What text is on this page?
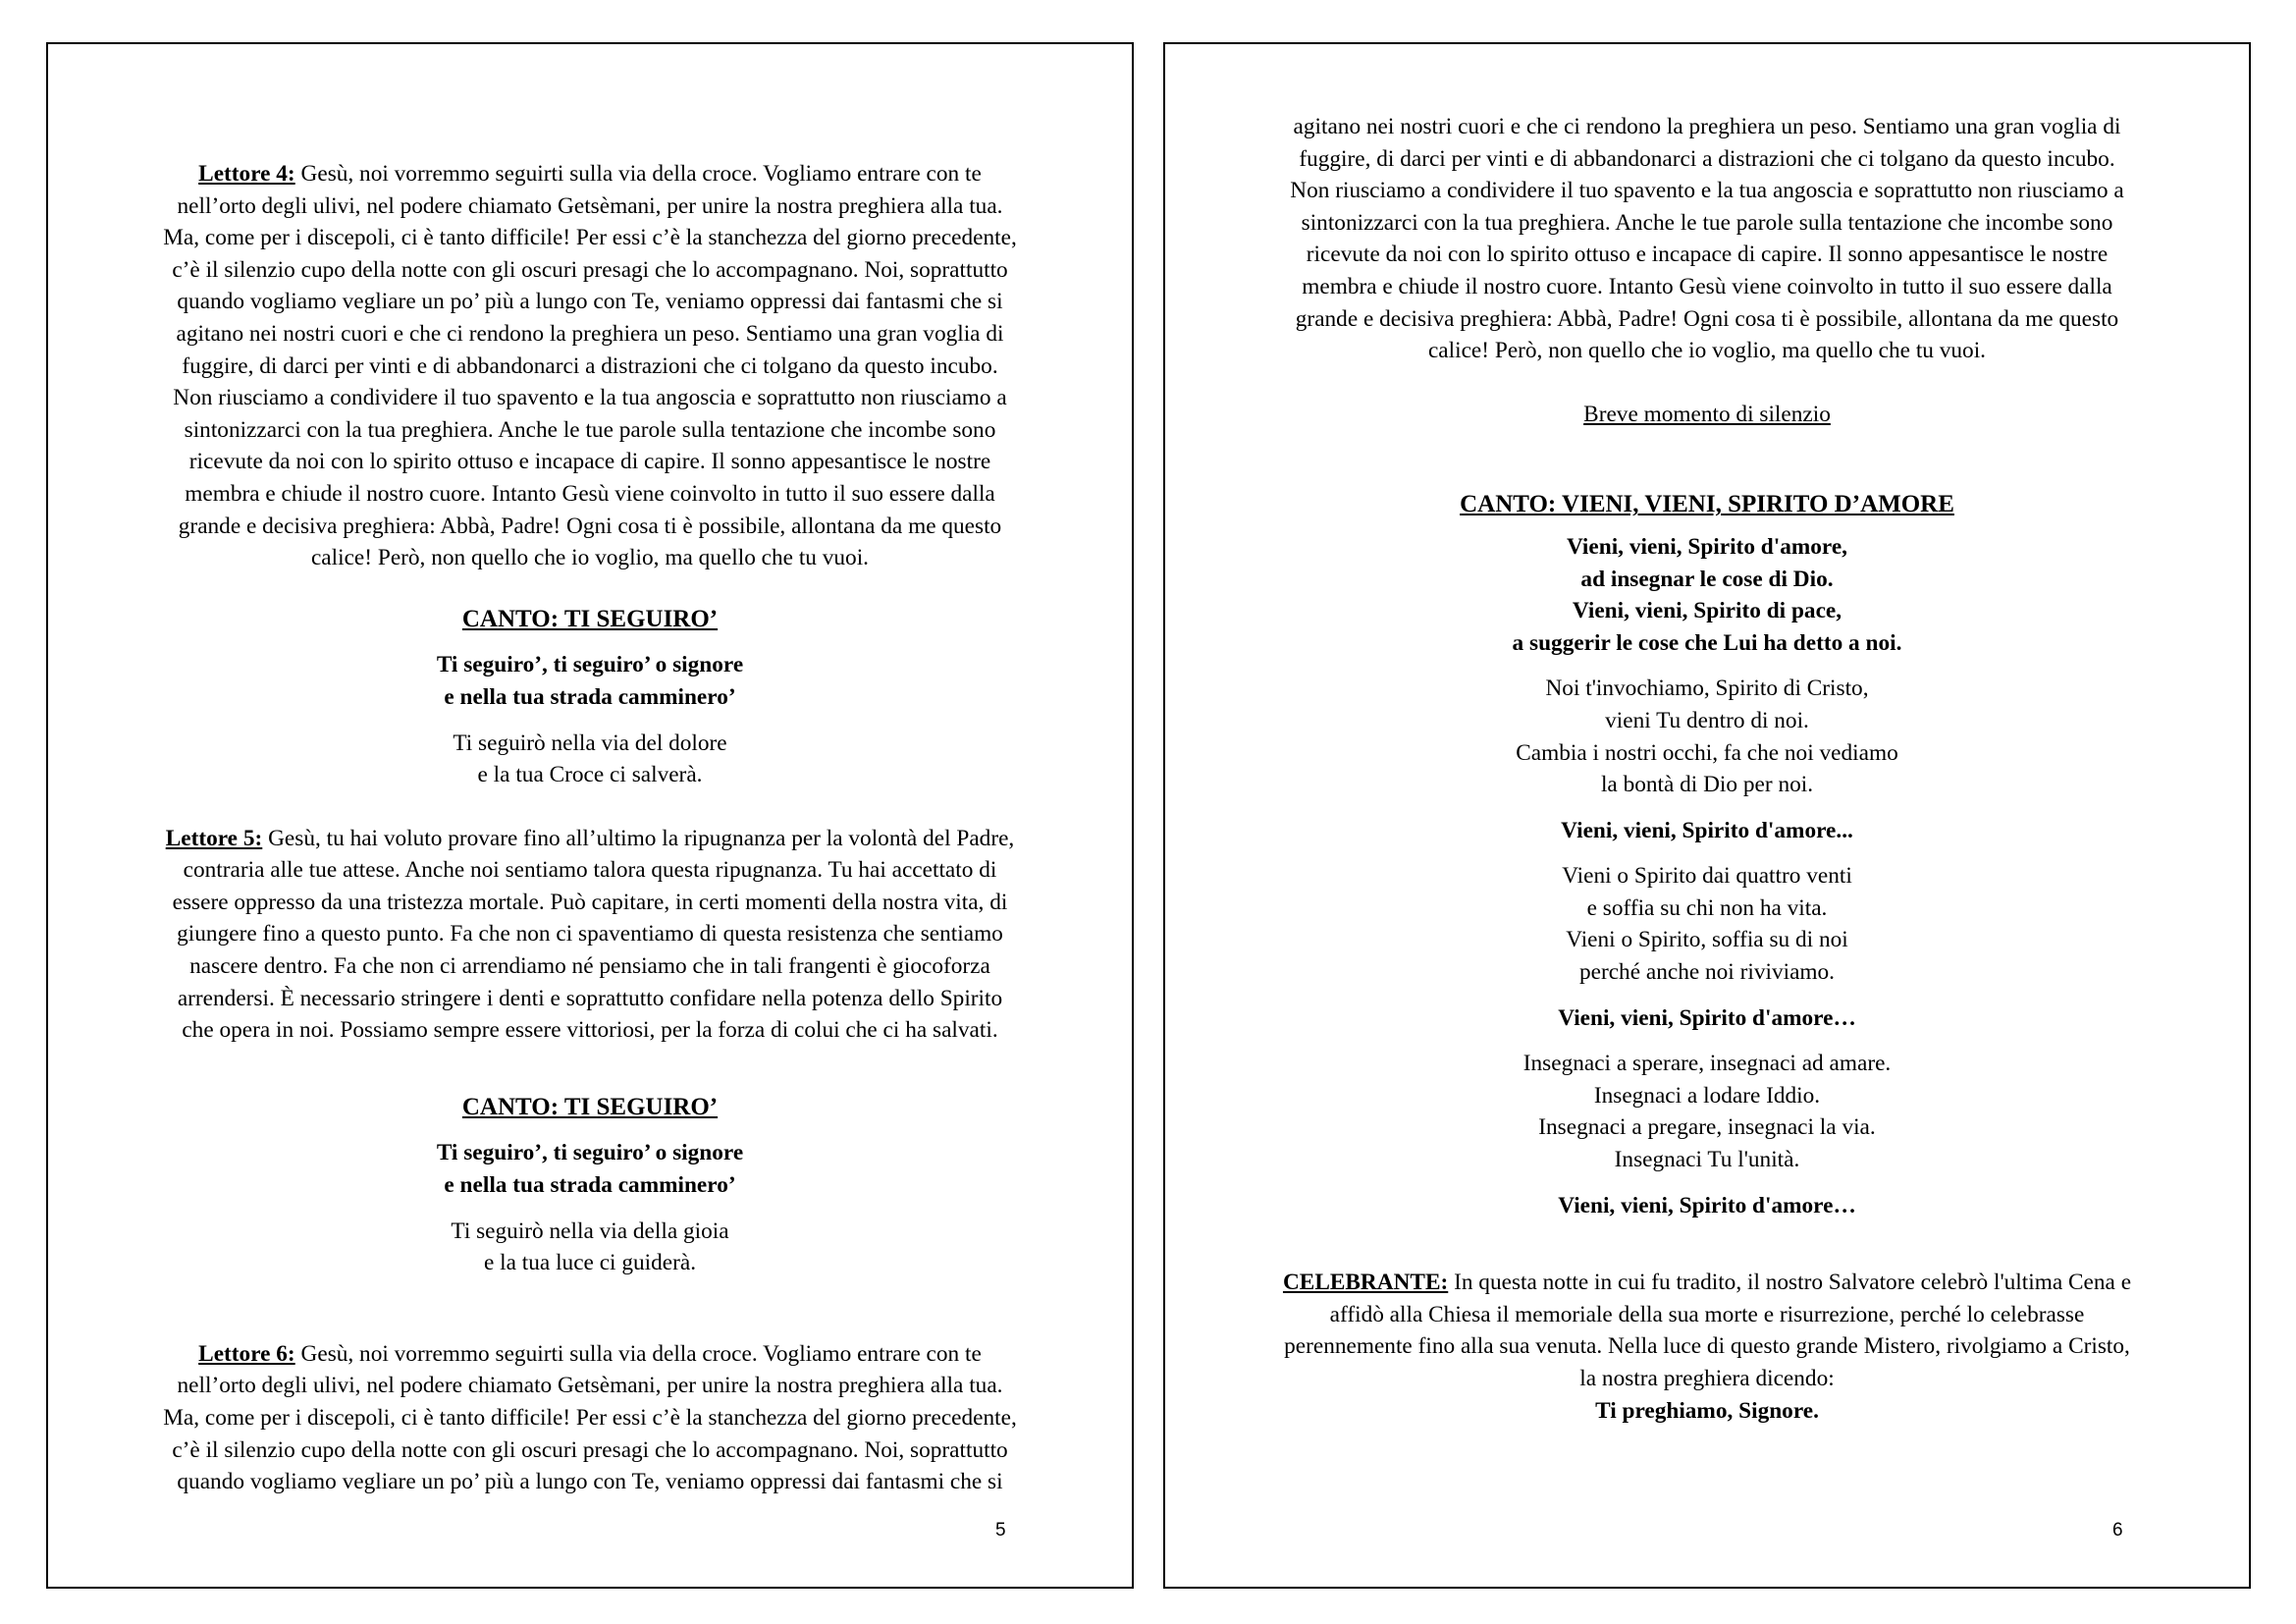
Lettore 4: Gesù, noi vorremmo seguirti sulla via della croce. Vogliamo entrare con te

nell’orto degli ulivi, nel podere chiamato Getsèmani, per unire la nostra preghiera alla tua.

Ma, come per i discepoli, ci è tanto difficile! Per essi c’è la stanchezza del giorno precedente,

c’è il silenzio cupo della notte con gli oscuri presagi che lo accompagnano. Noi, soprattutto

quando vogliamo vegliare un po’ più a lungo con Te, veniamo oppressi dai fantasmi che si

agitano nei nostri cuori e che ci rendono la preghiera un peso. Sentiamo una gran voglia di

fuggire, di darci per vinti e di abbandonarci a distrazioni che ci tolgano da questo incubo.

Non riusciamo a condividere il tuo spavento e la tua angoscia e soprattutto non riusciamo a

sintonizzarci con la tua preghiera. Anche le tue parole sulla tentazione che incombe sono

ricevute da noi con lo spirito ottuso e incapace di capire. Il sonno appesantisce le nostre

membra e chiude il nostro cuore. Intanto Gesù viene coinvolto in tutto il suo essere dalla

grande e decisiva preghiera: Abbà, Padre! Ogni cosa ti è possibile, allontana da me questo

calice! Però, non quello che io voglio, ma quello che tu vuoi.

CANTO: TI SEGUIRO’

Ti seguiro’, ti seguiro’ o signore

e nella tua strada camminero’

Ti seguirò nella via del dolore

e la tua Croce ci salverà.

Lettore 5: Gesù, tu hai voluto provare fino all’ultimo la ripugnanza per la volontà del Padre,

contraria alle tue attese. Anche noi sentiamo talora questa ripugnanza. Tu hai accettato di

essere oppresso da una tristezza mortale. Può capitare, in certi momenti della nostra vita, di

giungere fino a questo punto. Fa che non ci spaventiamo di questa resistenza che sentiamo

nascere dentro. Fa che non ci arrendiamo né pensiamo che in tali frangenti è giocoforza

arrendersi. È necessario stringere i denti e soprattutto confidare nella potenza dello Spirito

che opera in noi. Possiamo sempre essere vittoriosi, per la forza di colui che ci ha salvati.

CANTO: TI SEGUIRO’

Ti seguiro’, ti seguiro’ o signore

e nella tua strada camminero’

Ti seguirò nella via della gioia

e la tua luce ci guiderà.

Lettore 6: Gesù, noi vorremmo seguirti sulla via della croce. Vogliamo entrare con te

nell’orto degli ulivi, nel podere chiamato Getsèmani, per unire la nostra preghiera alla tua.

Ma, come per i discepoli, ci è tanto difficile! Per essi c’è la stanchezza del giorno precedente,

c’è il silenzio cupo della notte con gli oscuri presagi che lo accompagnano. Noi, soprattutto

quando vogliamo vegliare un po’ più a lungo con Te, veniamo oppressi dai fantasmi che si

5

agitano nei nostri cuori e che ci rendono la preghiera un peso. Sentiamo una gran voglia di

fuggire, di darci per vinti e di abbandonarci a distrazioni che ci tolgano da questo incubo.

Non riusciamo a condividere il tuo spavento e la tua angoscia e soprattutto non riusciamo a

sintonizzarci con la tua preghiera. Anche le tue parole sulla tentazione che incombe sono

ricevute da noi con lo spirito ottuso e incapace di capire. Il sonno appesantisce le nostre

membra e chiude il nostro cuore. Intanto Gesù viene coinvolto in tutto il suo essere dalla

grande e decisiva preghiera: Abbà, Padre! Ogni cosa ti è possibile, allontana da me questo

calice! Però, non quello che io voglio, ma quello che tu vuoi.

Breve momento di silenzio

CANTO: VIENI, VIENI, SPIRITO D’AMORE

Vieni, vieni, Spirito d'amore,

ad insegnar le cose di Dio.

Vieni, vieni, Spirito di pace,

a suggerir le cose che Lui ha detto a noi.

Noi t'invochiamo, Spirito di Cristo,

vieni Tu dentro di noi.

Cambia i nostri occhi, fa che noi vediamo

la bontà di Dio per noi.

Vieni, vieni, Spirito d'amore...

Vieni o Spirito dai quattro venti

e soffia su chi non ha vita.

Vieni o Spirito, soffia su di noi

perché anche noi riviviamo.

Vieni, vieni, Spirito d'amore…

Insegnaci a sperare, insegnaci ad amare.

Insegnaci a lodare Iddio.

Insegnaci a pregare, insegnaci la via.

Insegnaci Tu l'unità.

Vieni, vieni, Spirito d'amore…

CELEBRANTE: In questa notte in cui fu tradito, il nostro Salvatore celebrò l'ultima Cena e

affidò alla Chiesa il memoriale della sua morte e risurrezione, perché lo celebrasse

perennemente fino alla sua venuta. Nella luce di questo grande Mistero, rivolgiamo a Cristo,

la nostra preghiera dicendo:

Ti preghiamo, Signore.

6
